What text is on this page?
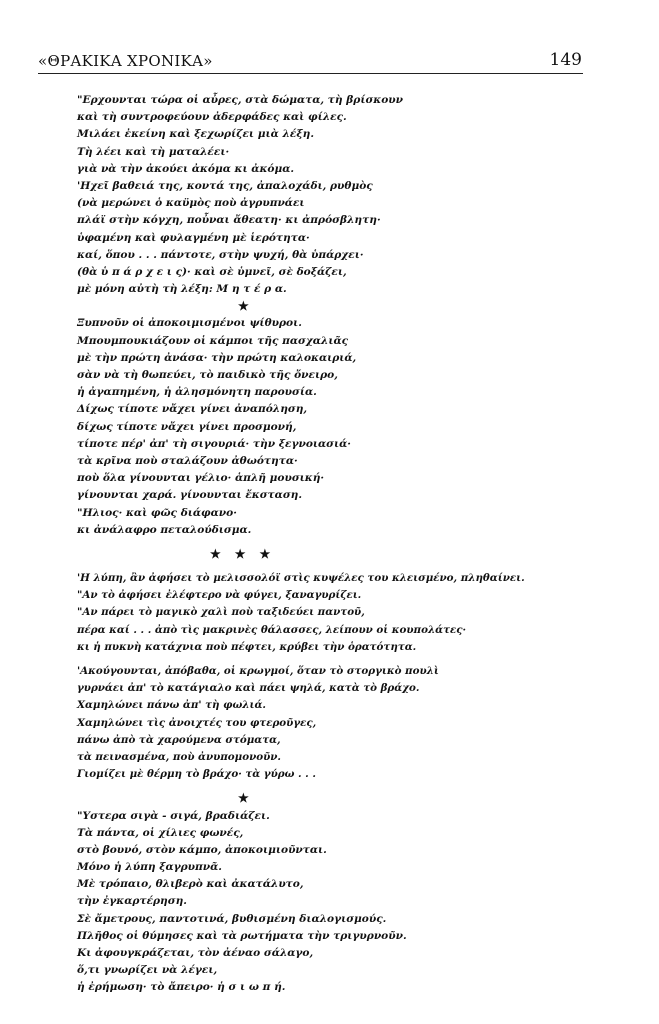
«ΘΡΑΚΙΚΑ ΧΡΟΝΙΚΑ»	149
"Ερχουνται τώρα οἱ αὖρες, στὰ δώματα, τὴ βρίσκουν
καὶ τὴ συντροφεύουν ἀδερφάδες καὶ φίλες.
Μιλάει ἐκείνη καὶ ξεχωρίζει μιὰ λέξη.
Τὴ λέει καὶ τὴ ματαλέει·
γιὰ νὰ τὴν ἀκούει ἀκόμα κι ἀκόμα.
'Ηχεῖ βαθειά της, κοντά της, ἀπαλοχάδι, ρυθμὸς
(νὰ μερώνει ὁ καϋμὸς ποὺ ἀγρυπνάει
πλάϊ στὴν κόγχη, ποὖναι ἄθεατη· κι ἀπρόσβλητη·
ὑφαμένη καὶ φυλαγμένη μὲ ἱερότητα·
καί, ὅπου . . . πάντοτε, στὴν ψυχή, θὰ ὑπάρχει·
(θὰ ὑ π ά ρ χ ε ι ς)· καὶ σὲ ὑμνεῖ, σὲ δοξάζει,
μὲ μόνη αὐτὴ τὴ λέξη: Μ η τ έ ρ α.
★
Ξυπνοῦν οἱ ἀποκοιμισμένοι ψίθυροι.
Μπουμπουκιάζουν οἱ κάμποι τῆς πασχαλιᾶς
μὲ τὴν πρώτη ἀνάσα· τὴν πρώτη καλοκαιριά,
σὰν νὰ τὴ θωπεύει, τὸ παιδικὸ τῆς ὄνειρο,
ἡ ἀγαπημένη, ἡ ἀλησμόνητη παρουσία.
Δίχως τίποτε νἄχει γίνει ἀναπόληση,
δίχως τίποτε νἄχει γίνει προσμονή,
τίποτε πέρ' ἀπ' τὴ σιγουριά· τὴν ξεγνοιασιά·
τὰ κρῖνα ποὺ σταλάζουν ἀθωότητα·
ποὺ ὅλα γίνουνται γέλιο· ἁπλῆ μουσική·
γίνουνται χαρά. γίνουνται ἔκσταση.
"Ηλιος· καὶ φῶς διάφανο·
κι ἀνάλαφρο πεταλούδισμα.
★★★
'Η λύπη, ἂν ἀφήσει τὸ μελισσολόϊ στὶς κυψέλες του κλεισμένο, πληθαίνει.
"Αν τὸ ἀφήσει ἐλέφτερο νὰ φύγει, ξαναγυρίζει.
"Αν πάρει τὸ μαγικὸ χαλὶ ποὺ ταξιδεύει παντοῦ,
πέρα καί . . . ἀπὸ τὶς μακρινὲς θάλασσες, λείπουν οἱ κουπολάτες·
κι ἡ πυκνὴ κατάχνια ποὺ πέφτει, κρύβει τὴν ὁρατότητα.
'Ακούγουνται, ἀπόβαθα, οἱ κρωγμοί, ὅταν τὸ στοργικὸ πουλὶ
γυρνάει ἀπ' τὸ κατάγιαλο καὶ πάει ψηλά, κατὰ τὸ βράχο.
Χαμηλώνει πάνω ἀπ' τὴ φωλιά.
Χαμηλώνει τὶς ἀνοιχτές του φτεροῦγες,
πάνω ἀπὸ τὰ χαρούμενα στόματα,
τὰ πεινασμένα, ποὺ ἀνυπομονοῦν.
Γιομίζει μὲ θέρμη τὸ βράχο· τὰ γύρω . . .
★
"Υστερα σιγὰ - σιγά, βραδιάζει.
Τὰ πάντα, οἱ χίλιες φωνές,
στὸ βουνό, στὸν κάμπο, ἀποκοιμιοῦνται.
Μόνο ἡ λύπη ξαγρυπνᾶ.
Μὲ τρόπαιο, θλιβερὸ καὶ ἀκατάλυτο,
τὴν ἐγκαρτέρηση.
Σὲ ἄμετρους, παντοτινά, βυθισμένη διαλογισμούς.
Πλῆθος οἱ θύμησες καὶ τὰ ρωτήματα τὴν τριγυρνοῦν.
Κι ἀφουγκράζεται, τὸν ἀέναο σάλαγο,
ὅ,τι γνωρίζει νὰ λέγει,
ἡ ἐρήμωση· τὸ ἄπειρο· ἡ σ ι ω π ή.
